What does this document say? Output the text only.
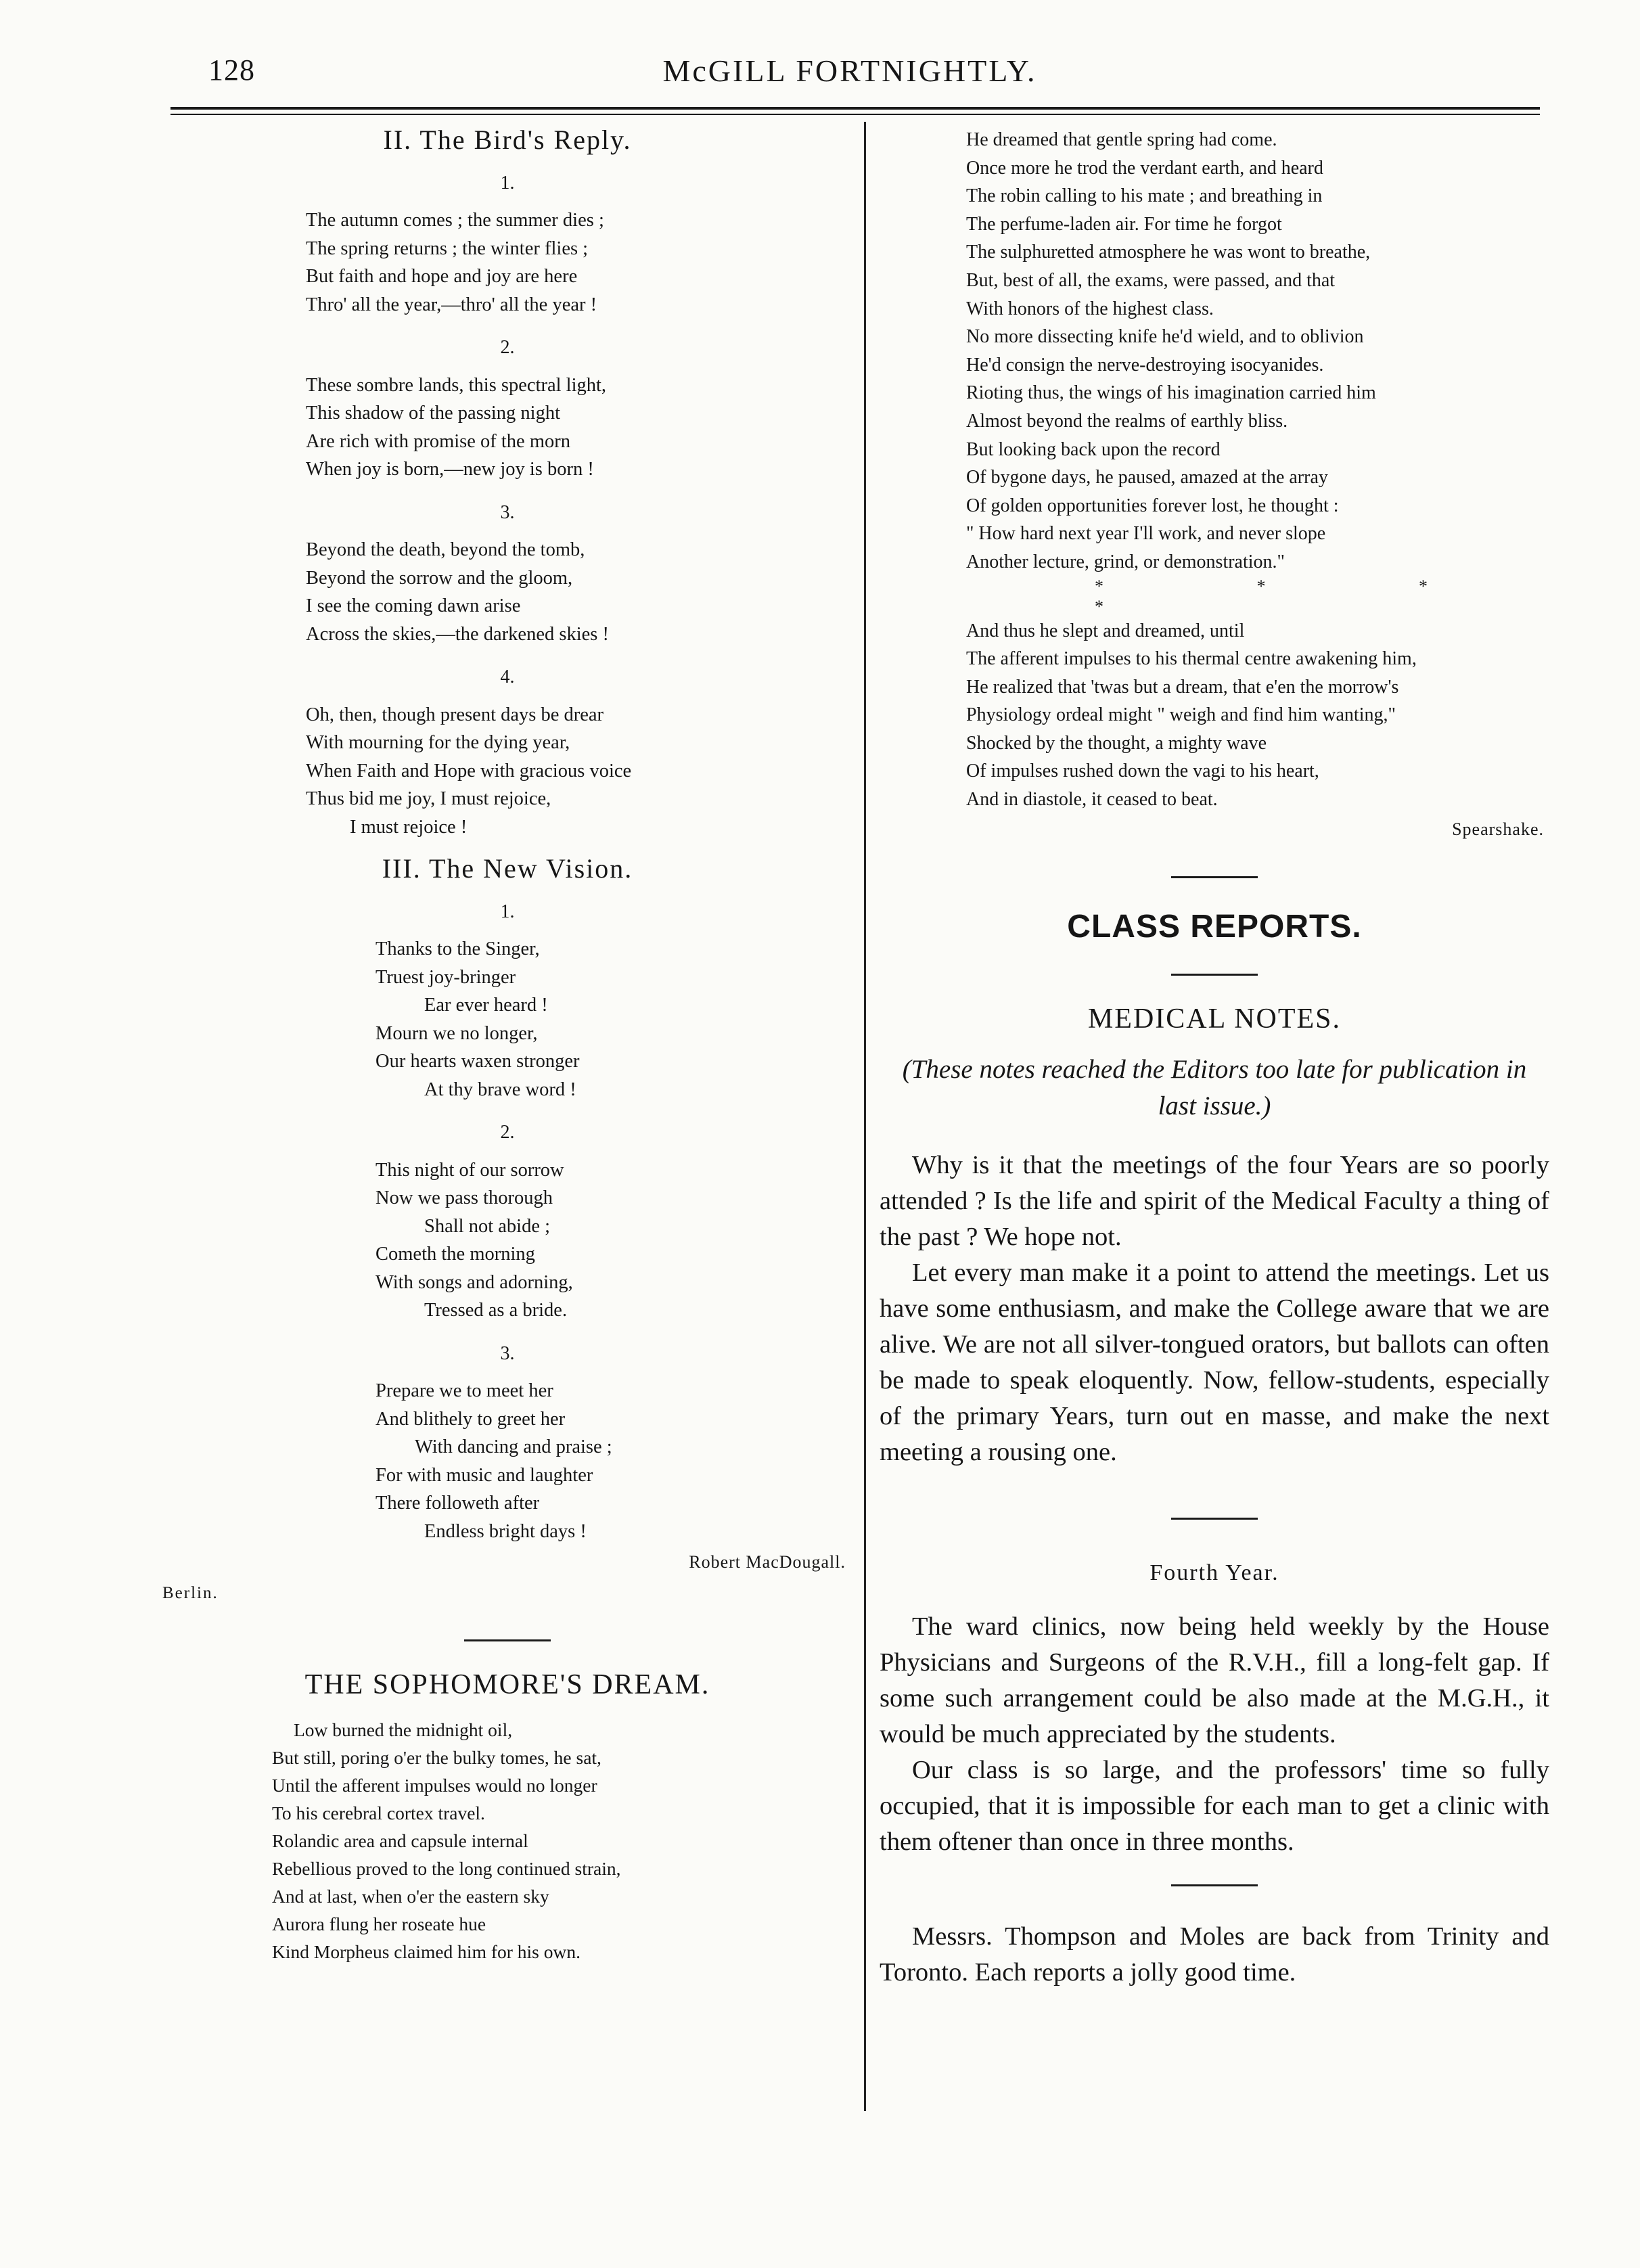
128	McGILL FORTNIGHTLY.
II. The Bird's Reply.
1.
The autumn comes ; the summer dies ;
The spring returns ; the winter flies ;
But faith and hope and joy are here
Thro' all the year,—thro' all the year !
2.
These sombre lands, this spectral light,
This shadow of the passing night
Are rich with promise of the morn
When joy is born,—new joy is born !
3.
Beyond the death, beyond the tomb,
Beyond the sorrow and the gloom,
I see the coming dawn arise
Across the skies,—the darkened skies !
4.
Oh, then, though present days be drear
With mourning for the dying year,
When Faith and Hope with gracious voice
Thus bid me joy, I must rejoice,
I must rejoice !
III. The New Vision.
1.
Thanks to the Singer,
Truest joy-bringer
Ear ever heard !
Mourn we no longer,
Our hearts waxen stronger
At thy brave word !
2.
This night of our sorrow
Now we pass thorough
Shall not abide ;
Cometh the morning
With songs and adorning,
Tressed as a bride.
3.
Prepare we to meet her
And blithely to greet her
With dancing and praise ;
For with music and laughter
There followeth after
Endless bright days !
Robert MacDougall.
Berlin.
THE SOPHOMORE'S DREAM.
Low burned the midnight oil,
But still, poring o'er the bulky tomes, he sat,
Until the afferent impulses would no longer
To his cerebral cortex travel.
Rolandic area and capsule internal
Rebellious proved to the long continued strain,
And at last, when o'er the eastern sky
Aurora flung her roseate hue
Kind Morpheus claimed him for his own.
He dreamed that gentle spring had come.
Once more he trod the verdant earth, and heard
The robin calling to his mate ; and breathing in
The perfume-laden air. For time he forgot
The sulphuretted atmosphere he was wont to breathe,
But, best of all, the exams, were passed, and that
With honors of the highest class.
No more dissecting knife he'd wield, and to oblivion
He'd consign the nerve-destroying isocyanides.
Rioting thus, the wings of his imagination carried him
Almost beyond the realms of earthly bliss.
But looking back upon the record
Of bygone days, he paused, amazed at the array
Of golden opportunities forever lost, he thought :
" How hard next year I'll work, and never slope
Another lecture, grind, or demonstration."
* * * *
And thus he slept and dreamed, until
The afferent impulses to his thermal centre awakening him,
He realized that 'twas but a dream, that e'en the morrow's
Physiology ordeal might " weigh and find him wanting,"
Shocked by the thought, a mighty wave
Of impulses rushed down the vagi to his heart,
And in diastole, it ceased to beat.
Spearshake.
CLASS REPORTS.
MEDICAL NOTES.
(These notes reached the Editors too late for publication in last issue.)

Why is it that the meetings of the four Years are so poorly attended ? Is the life and spirit of the Medical Faculty a thing of the past ? We hope not.

Let every man make it a point to attend the meetings. Let us have some enthusiasm, and make the College aware that we are alive. We are not all silver-tongued orators, but ballots can often be made to speak eloquently. Now, fellow-students, especially of the primary Years, turn out en masse, and make the next meeting a rousing one.

Fourth Year.

The ward clinics, now being held weekly by the House Physicians and Surgeons of the R.V.H., fill a long-felt gap. If some such arrangement could be also made at the M.G.H., it would be much appreciated by the students.

Our class is so large, and the professors' time so fully occupied, that it is impossible for each man to get a clinic with them oftener than once in three months.

Messrs. Thompson and Moles are back from Trinity and Toronto. Each reports a jolly good time.
